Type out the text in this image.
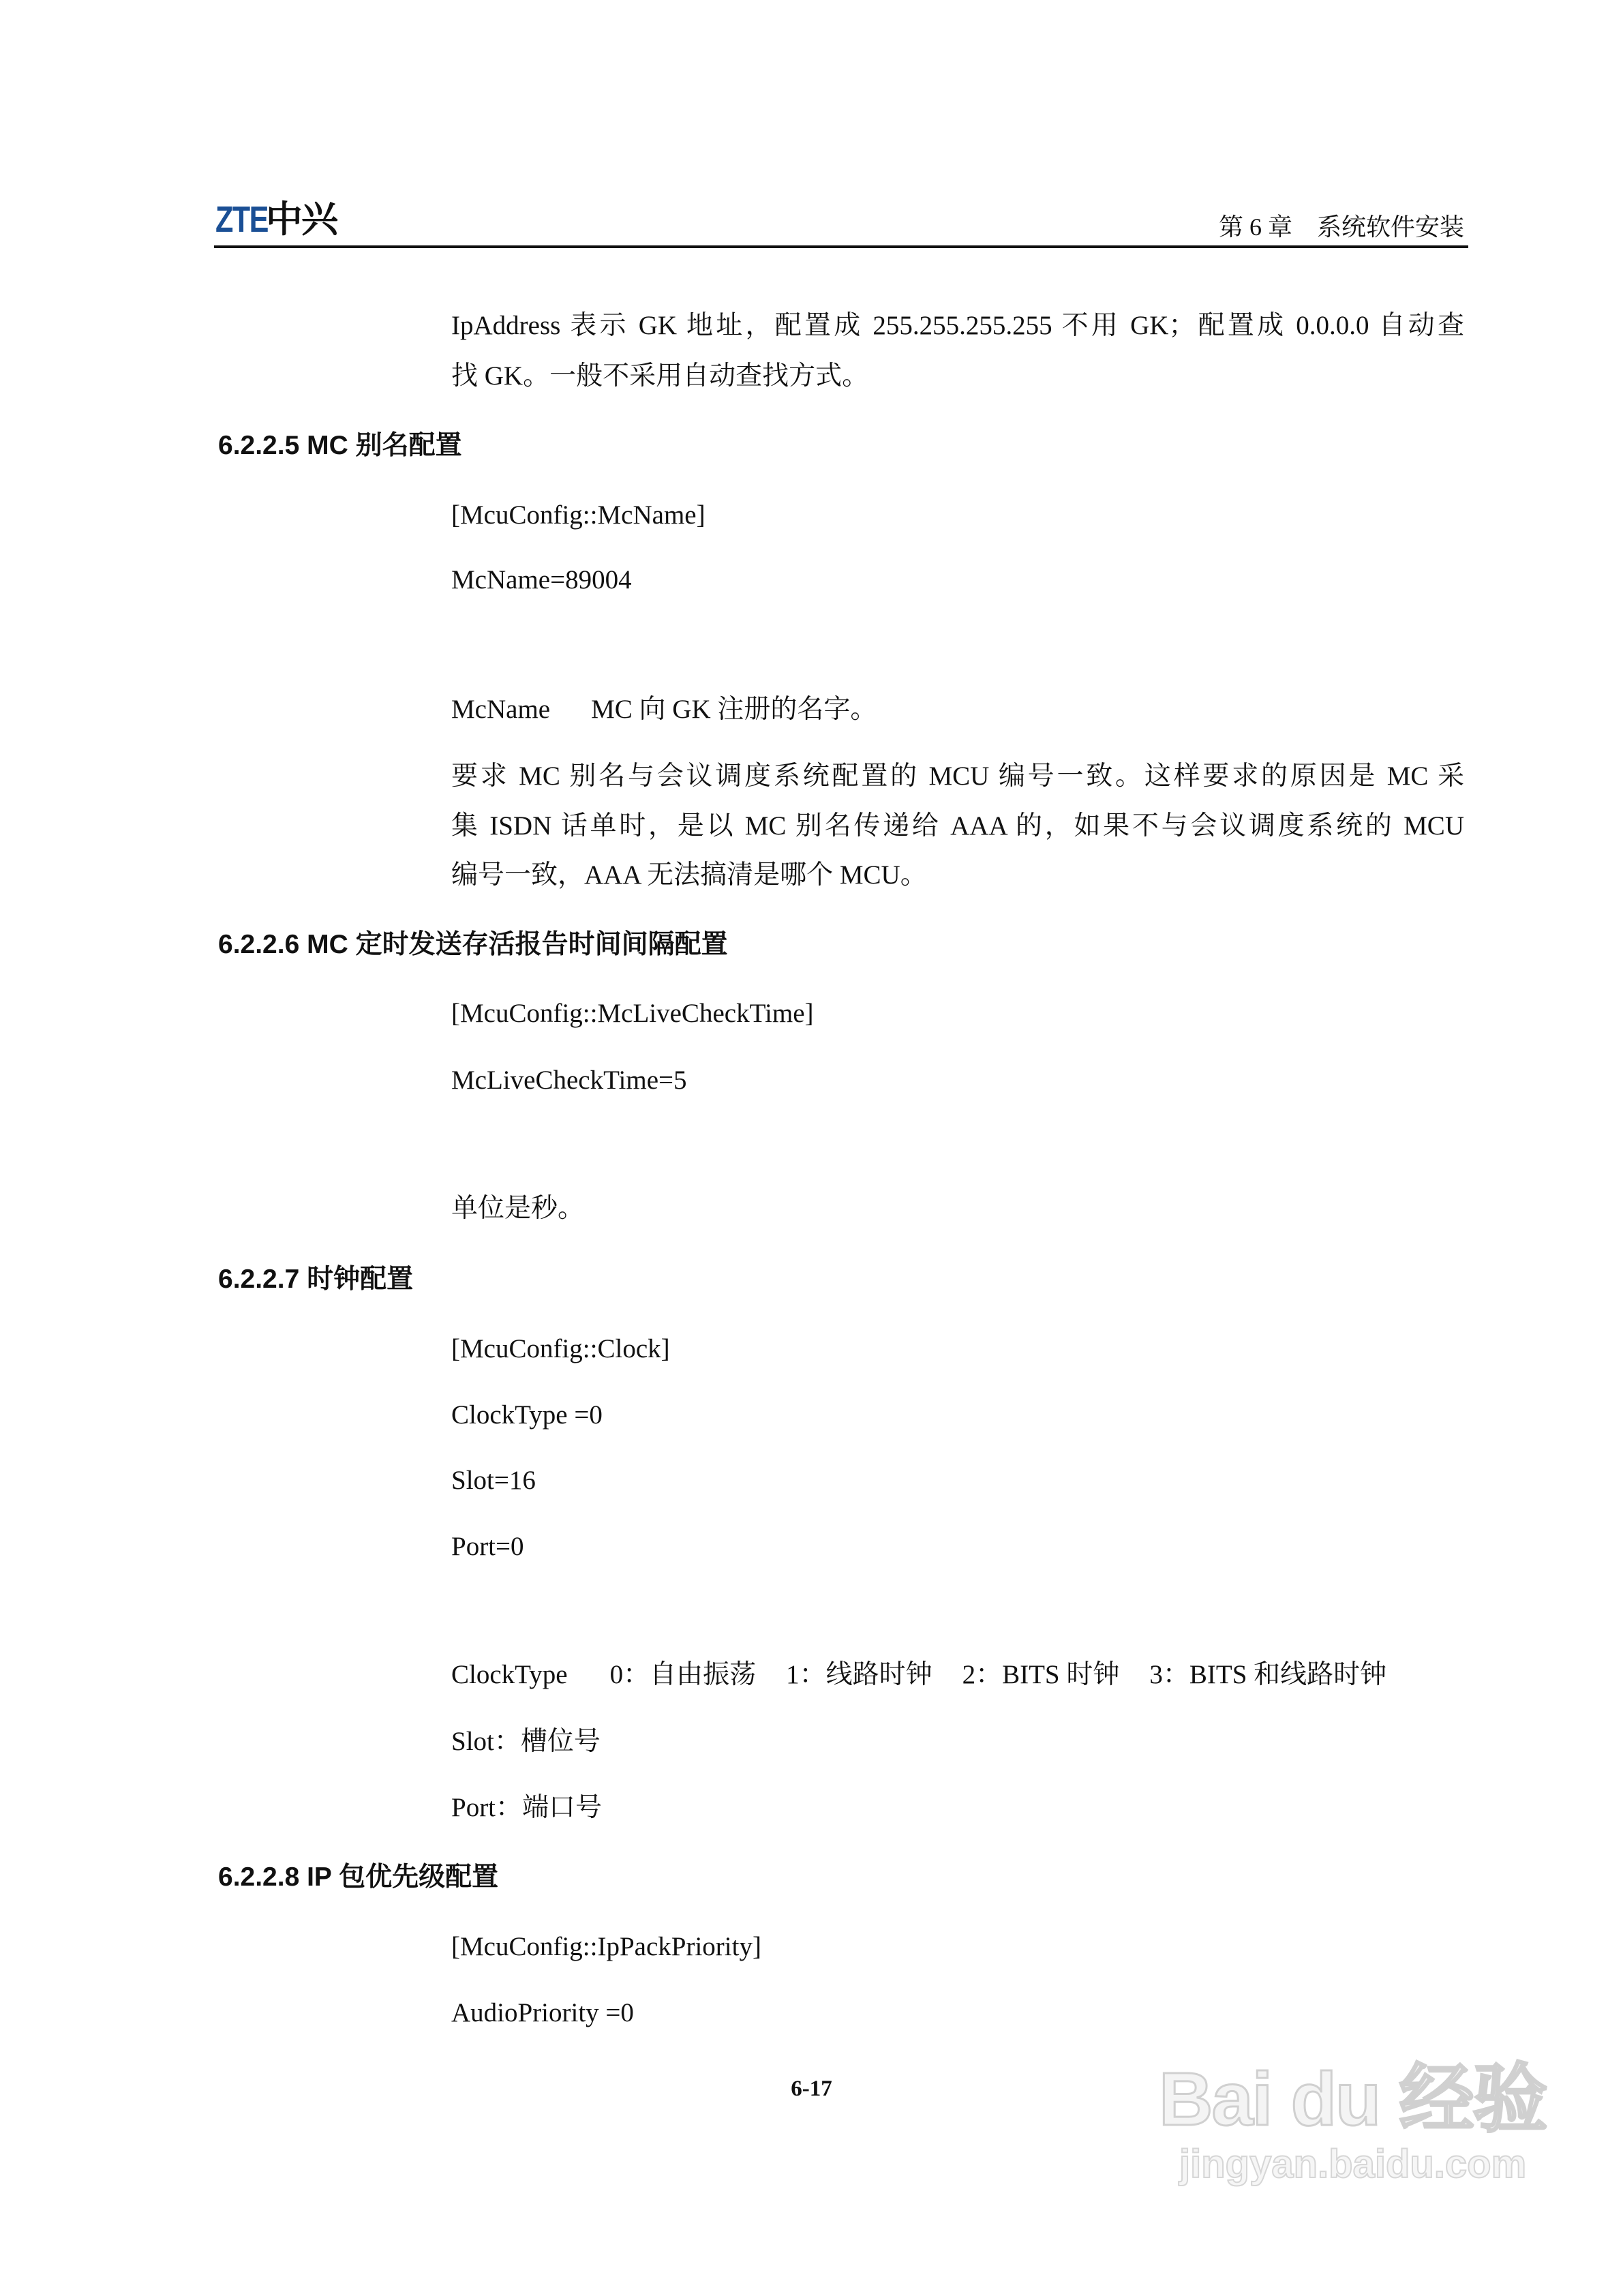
ZTE中兴	第 6 章　系统软件安装
IpAddress 表示 GK 地址，配置成 255.255.255.255 不用 GK；配置成 0.0.0.0 自动查
找 GK。一般不采用自动查找方式。
6.2.2.5 MC 别名配置
[McuConfig::McName]
McName=89004
McName MC 向 GK 注册的名字。
要求 MC 别名与会议调度系统配置的 MCU 编号一致。这样要求的原因是 MC 采
集 ISDN 话单时，是以 MC 别名传递给 AAA 的，如果不与会议调度系统的 MCU
编号一致，AAA 无法搞清是哪个 MCU。
6.2.2.6 MC 定时发送存活报告时间间隔配置
[McuConfig::McLiveCheckTime]
McLiveCheckTime=5
单位是秒。
6.2.2.7 时钟配置
[McuConfig::Clock]
ClockType =0
Slot=16
Port=0
ClockType 0：自由振荡 1：线路时钟 2：BITS 时钟 3：BITS 和线路时钟
Slot：槽位号
Port：端口号
6.2.2.8 IP 包优先级配置
[McuConfig::IpPackPriority]
AudioPriority =0
6-17	Bai du 经验
jingyan.baidu.com
